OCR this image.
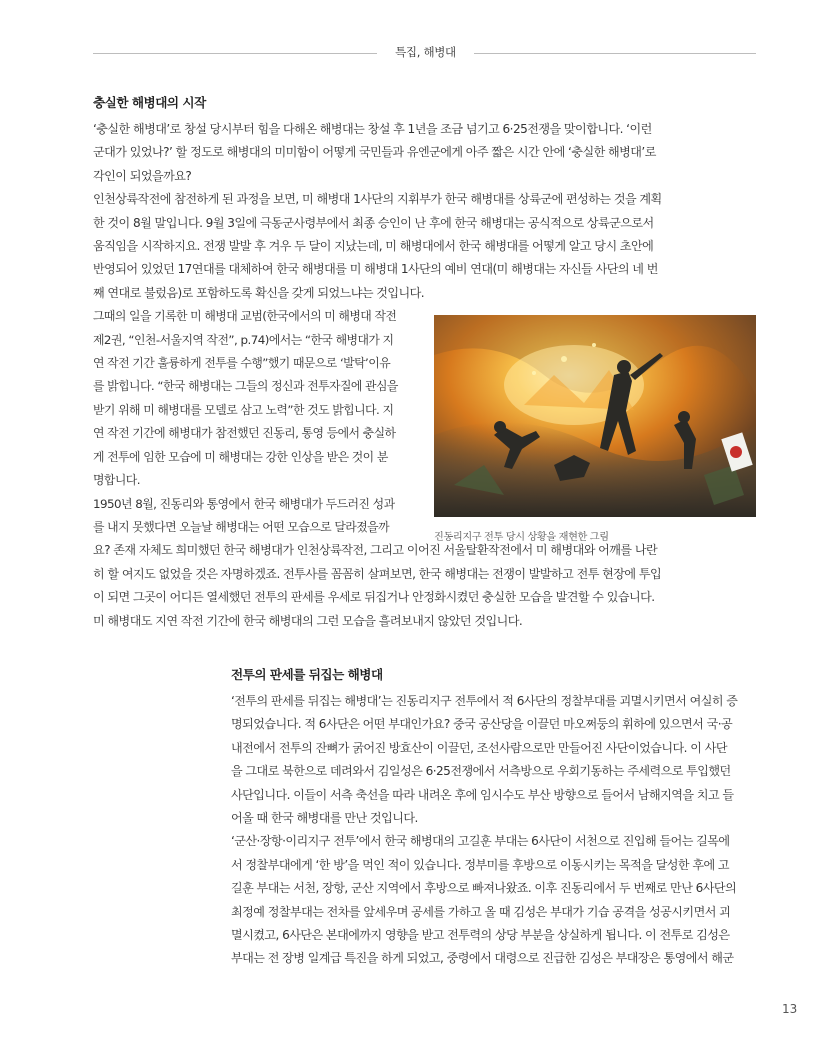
특집, 해병대
충실한 해병대의 시작
‘충실한 해병대’로 창설 당시부터 힘을 다해온 해병대는 창설 후 1년을 조금 넘기고 6·25전쟁을 맞이합니다. ‘이런
군대가 있었나?’ 할 정도로 해병대의 미미함이 어떻게 국민들과 유엔군에게 아주 짧은 시간 안에 ‘충실한 해병대’로
각인이 되었을까요?
인천상륙작전에 참전하게 된 과정을 보면, 미 해병대 1사단의 지휘부가 한국 해병대를 상륙군에 편성하는 것을 계획
한 것이 8월 말입니다. 9월 3일에 극동군사령부에서 최종 승인이 난 후에 한국 해병대는 공식적으로 상륙군으로서
움직임을 시작하지요. 전쟁 발발 후 겨우 두 달이 지났는데, 미 해병대에서 한국 해병대를 어떻게 알고 당시 초안에
반영되어 있었던 17연대를 대체하여 한국 해병대를 미 해병대 1사단의 예비 연대(미 해병대는 자신들 사단의 네 번
째 연대로 불렀음)로 포함하도록 확신을 갖게 되었느냐는 것입니다.
그때의 일을 기록한 미 해병대 교범(한국에서의 미 해병대 작전
제2권, “인천-서울지역 작전”, p.74)에서는 “한국 해병대가 지
연 작전 기간 훌륭하게 전투를 수행”했기 때문으로 ‘발탁’이유
를 밝힙니다. “한국 해병대는 그들의 정신과 전투자질에 관심을
받기 위해 미 해병대를 모델로 삼고 노력”한 것도 밝힙니다. 지
연 작전 기간에 해병대가 참전했던 진동리, 통영 등에서 충실하
게 전투에 임한 모습에 미 해병대는 강한 인상을 받은 것이 분
명합니다.
1950년 8월, 진동리와 통영에서 한국 해병대가 두드러진 성과
를 내지 못했다면 오늘날 해병대는 어떤 모습으로 달라졌을까
요? 존재 자체도 희미했던 한국 해병대가 인천상륙작전, 그리고 이어진 서울탈환작전에서 미 해병대와 어깨를 나란
히 할 여지도 없었을 것은 자명하겠죠. 전투사를 꼼꼼히 살펴보면, 한국 해병대는 전쟁이 발발하고 전투 현장에 투입
이 되면 그곳이 어디든 열세했던 전투의 판세를 우세로 뒤집거나 안정화시켰던 충실한 모습을 발견할 수 있습니다.
미 해병대도 지연 작전 기간에 한국 해병대의 그런 모습을 흘려보내지 않았던 것입니다.
진동리지구 전투 당시 상황을 재현한 그림
전투의 판세를 뒤집는 해병대
‘전투의 판세를 뒤집는 해병대’는 진동리지구 전투에서 적 6사단의 정찰부대를 괴멸시키면서 여실히 증
명되었습니다. 적 6사단은 어떤 부대인가요? 중국 공산당을 이끌던 마오쩌둥의 휘하에 있으면서 국·공
내전에서 전투의 잔뼈가 굵어진 방효산이 이끌던, 조선사람으로만 만들어진 사단이었습니다. 이 사단
을 그대로 북한으로 데려와서 김일성은 6·25전쟁에서 서측방으로 우회기동하는 주세력으로 투입했던
사단입니다. 이들이 서측 축선을 따라 내려온 후에 임시수도 부산 방향으로 들어서 남해지역을 치고 들
어올 때 한국 해병대를 만난 것입니다.
‘군산·장항·이리지구 전투’에서 한국 해병대의 고길훈 부대는 6사단이 서천으로 진입해 들어는 길목에
서 정찰부대에게 ‘한 방’을 먹인 적이 있습니다. 정부미를 후방으로 이동시키는 목적을 달성한 후에 고
길훈 부대는 서천, 장항, 군산 지역에서 후방으로 빠져나왔죠. 이후 진동리에서 두 번째로 만난 6사단의
최정예 정찰부대는 전차를 앞세우며 공세를 가하고 올 때 김성은 부대가 기습 공격을 성공시키면서 괴
멸시켰고, 6사단은 본대에까지 영향을 받고 전투력의 상당 부분을 상실하게 됩니다. 이 전투로 김성은
부대는 전 장병 일계급 특진을 하게 되었고, 중령에서 대령으로 진급한 김성은 부대장은 통영에서 해군
13
